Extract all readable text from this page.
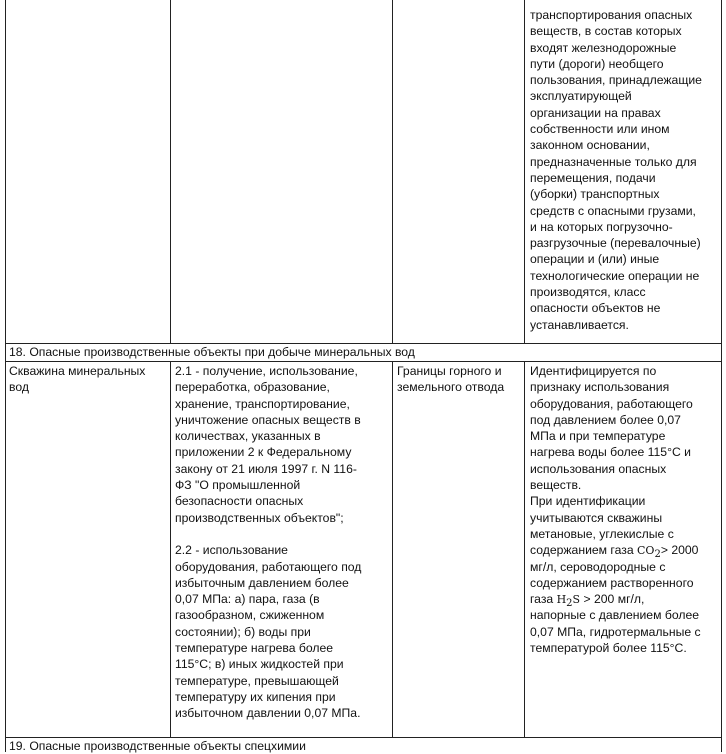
транспортирования опасных
веществ, в состав которых
входят железнодорожные
пути (дороги) необщего
пользования, принадлежащие
эксплуатирующей
организации на правах
собственности или ином
законном основании,
предназначенные только для
перемещения, подачи
(уборки) транспортных
средств с опасными грузами,
и на которых погрузочно-
разгрузочные (перевалочные)
операции и (или) иные
технологические операции не
производятся, класс
опасности объектов не
устанавливается.
18. Опасные производственные объекты при добыче минеральных вод
Скважина минеральных
вод
2.1 - получение, использование,
переработка, образование,
хранение, транспортирование,
уничтожение опасных веществ в
количествах, указанных в
приложении 2 к Федеральному
закону от 21 июля 1997 г. N 116-
ФЗ "О промышленной
безопасности опасных
производственных объектов";
2.2 - использование
оборудования, работающего под
избыточным давлением более
0,07 МПа: а) пара, газа (в
газообразном, сжиженном
состоянии); б) воды при
температуре нагрева более
115°C; в) иных жидкостей при
температуре, превышающей
температуру их кипения при
избыточном давлении 0,07 МПа.
Границы горного и
земельного отвода
Идентифицируется по
признаку использования
оборудования, работающего
под давлением более 0,07
МПа и при температуре
нагрева воды более 115°C и
использования опасных
веществ.
При идентификации
учитываются скважины
метановые, углекислые с
содержанием газа $CO_2> 2000$
мг/л, сероводородные с
содержанием растворенного
газа $H_2S > 200$ мг/л,
напорные с давлением более
0,07 МПа, гидротермальные с
температурой более 115°C.
19. Опасные производственные объекты спецхимии
